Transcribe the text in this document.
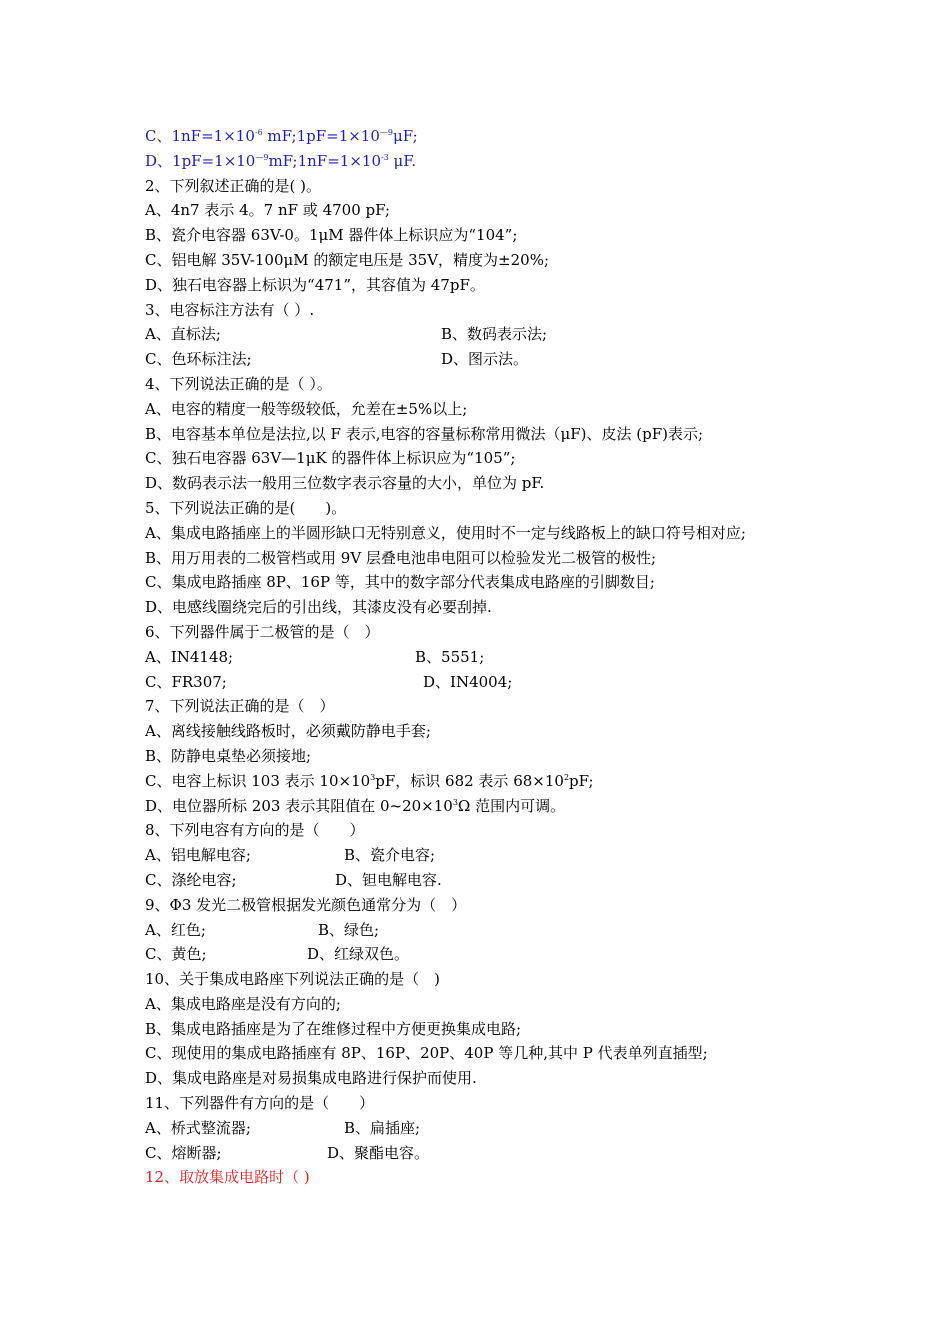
C、$1nF=1\times 10^{-6}$ $mF;1pF=1\times 10^{—9}\mu F$;
D、$1pF=1\times 10^{—9}mF;1nF=1\times 10^{-3}$ μF.
2、下列叙述正确的是( )。
A、4n7 表示 4。7 nF 或 4700 pF;
B、瓷介电容器 63V-0。1μM 器件体上标识应为“104”;
C、铝电解 35V-100μM 的额定电压是 35V，精度为±20%;
D、独石电容器上标识为“471”，其容值为 47pF。
3、电容标注方法有（ ）.
A、直标法;	B、数码表示法;
C、色环标注法;	D、图示法。
4、下列说法正确的是（ ）。
A、电容的精度一般等级较低，允差在±5%以上;
B、电容基本单位是法拉,以 F 表示,电容的容量标称常用微法（μF)、皮法 (pF)表示;
C、独石电容器 63V—1μK 的器件体上标识应为“105”;
D、数码表示法一般用三位数字表示容量的大小，单位为 pF.
5、下列说法正确的是(　　)。
A、集成电路插座上的半圆形缺口无特别意义，使用时不一定与线路板上的缺口符号相对应;
B、用万用表的二极管档或用 9V 层叠电池串电阻可以检验发光二极管的极性;
C、集成电路插座 8P、16P 等，其中的数字部分代表集成电路座的引脚数目;
D、电感线圈绕完后的引出线，其漆皮没有必要刮掉.
6、下列器件属于二极管的是（　）
A、IN4148;	B、5551;
C、FR307;	D、IN4004;
7、下列说法正确的是（　）
A、离线接触线路板时，必须戴防静电手套;
B、防静电桌垫必须接地;
C、电容上标识 103 表示 $10\times 10^3pF$，标识 682 表示 $68\times 10^2pF$;
D、电位器所标 203 表示其阻值在 $0\sim 20\times 10^3\Omega$ 范围内可调。
8、下列电容有方向的是（　　）
A、铝电解电容;	B、瓷介电容;
C、涤纶电容;	D、钽电解电容.
9、Φ3 发光二极管根据发光颜色通常分为（　）
A、红色;	B、绿色;
C、黄色;	D、红绿双色。
10、关于集成电路座下列说法正确的是（　)
A、集成电路座是没有方向的;
B、集成电路插座是为了在维修过程中方便更换集成电路;
C、现使用的集成电路插座有 8P、16P、20P、40P 等几种,其中 P 代表单列直插型;
D、集成电路座是对易损集成电路进行保护而使用.
11、下列器件有方向的是（　　）
A、桥式整流器;	B、扁插座;
C、熔断器;	D、聚酯电容。
12、取放集成电路时（ )
